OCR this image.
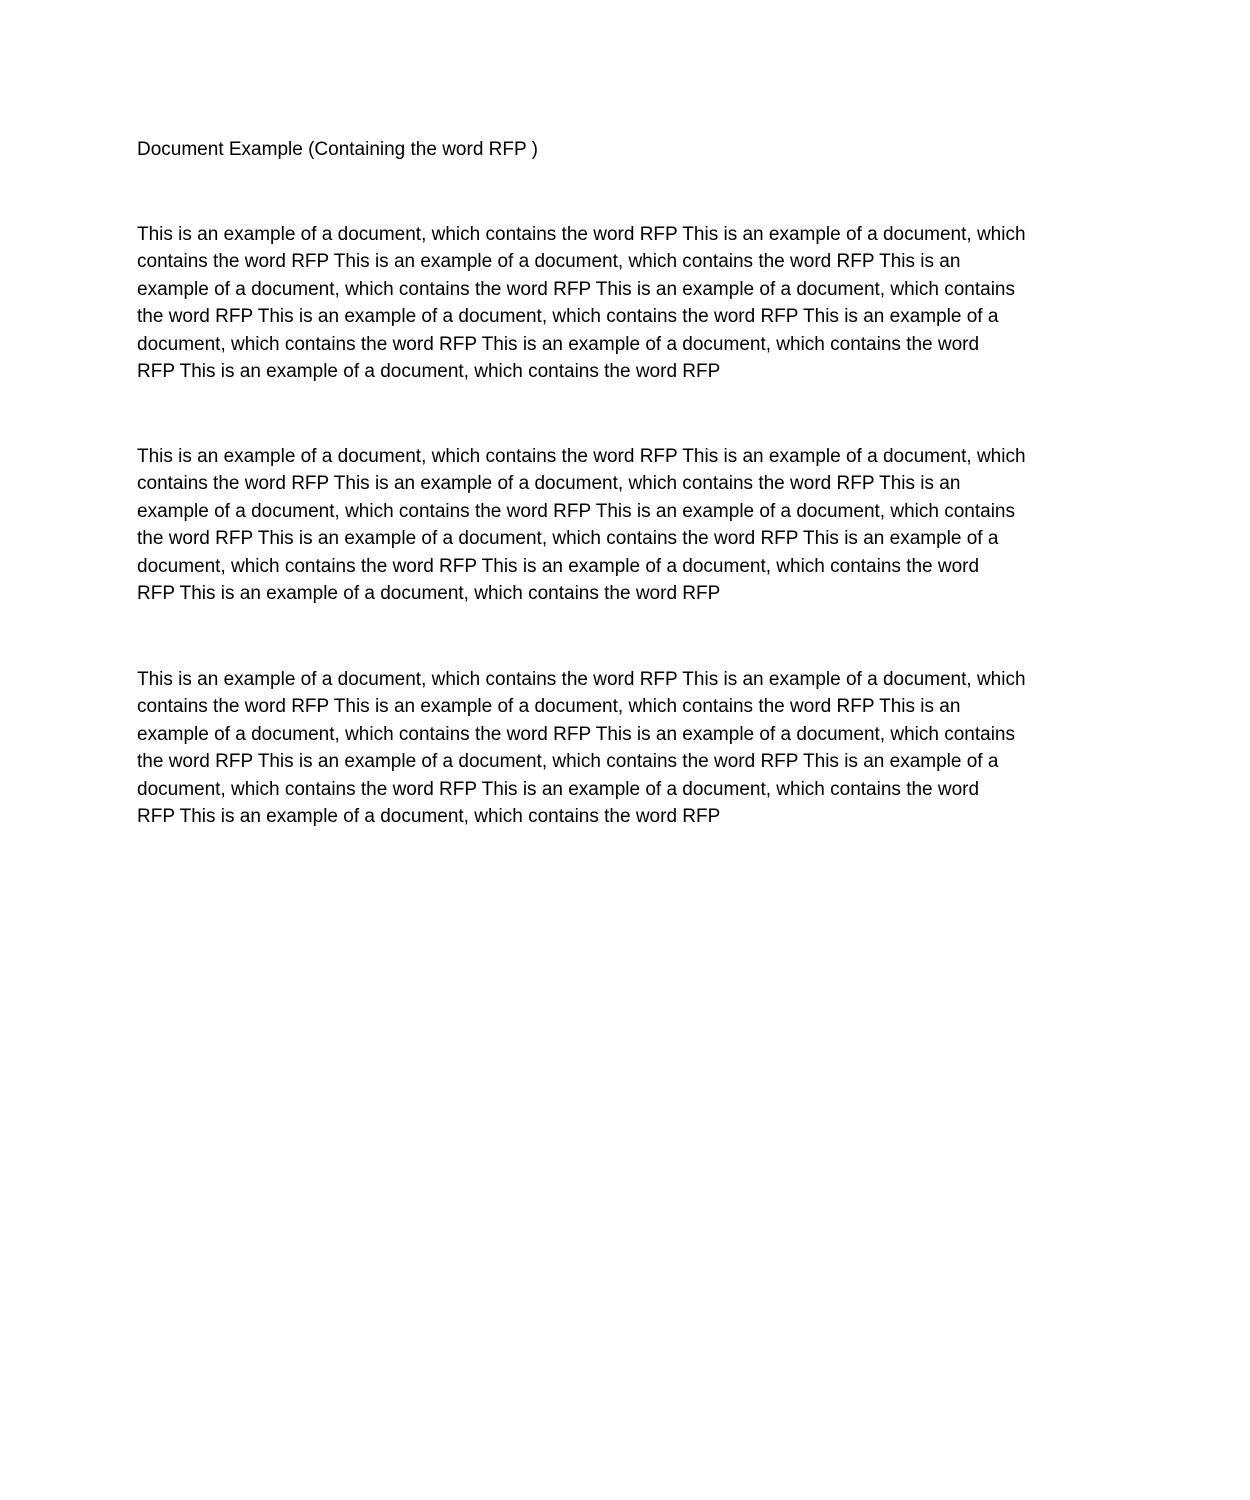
Document Example (Containing the word RFP )

This is an example of a document, which contains the word RFP This is an example of a document, which
contains the word RFP This is an example of a document, which contains the word RFP This is an
example of a document, which contains the word RFP This is an example of a document, which contains
the word RFP This is an example of a document, which contains the word RFP This is an example of a
document, which contains the word RFP This is an example of a document, which contains the word
RFP This is an example of a document, which contains the word RFP

This is an example of a document, which contains the word RFP This is an example of a document, which
contains the word RFP This is an example of a document, which contains the word RFP This is an
example of a document, which contains the word RFP This is an example of a document, which contains
the word RFP This is an example of a document, which contains the word RFP This is an example of a
document, which contains the word RFP This is an example of a document, which contains the word
RFP This is an example of a document, which contains the word RFP

This is an example of a document, which contains the word RFP This is an example of a document, which
contains the word RFP This is an example of a document, which contains the word RFP This is an
example of a document, which contains the word RFP This is an example of a document, which contains
the word RFP This is an example of a document, which contains the word RFP This is an example of a
document, which contains the word RFP This is an example of a document, which contains the word
RFP This is an example of a document, which contains the word RFP
